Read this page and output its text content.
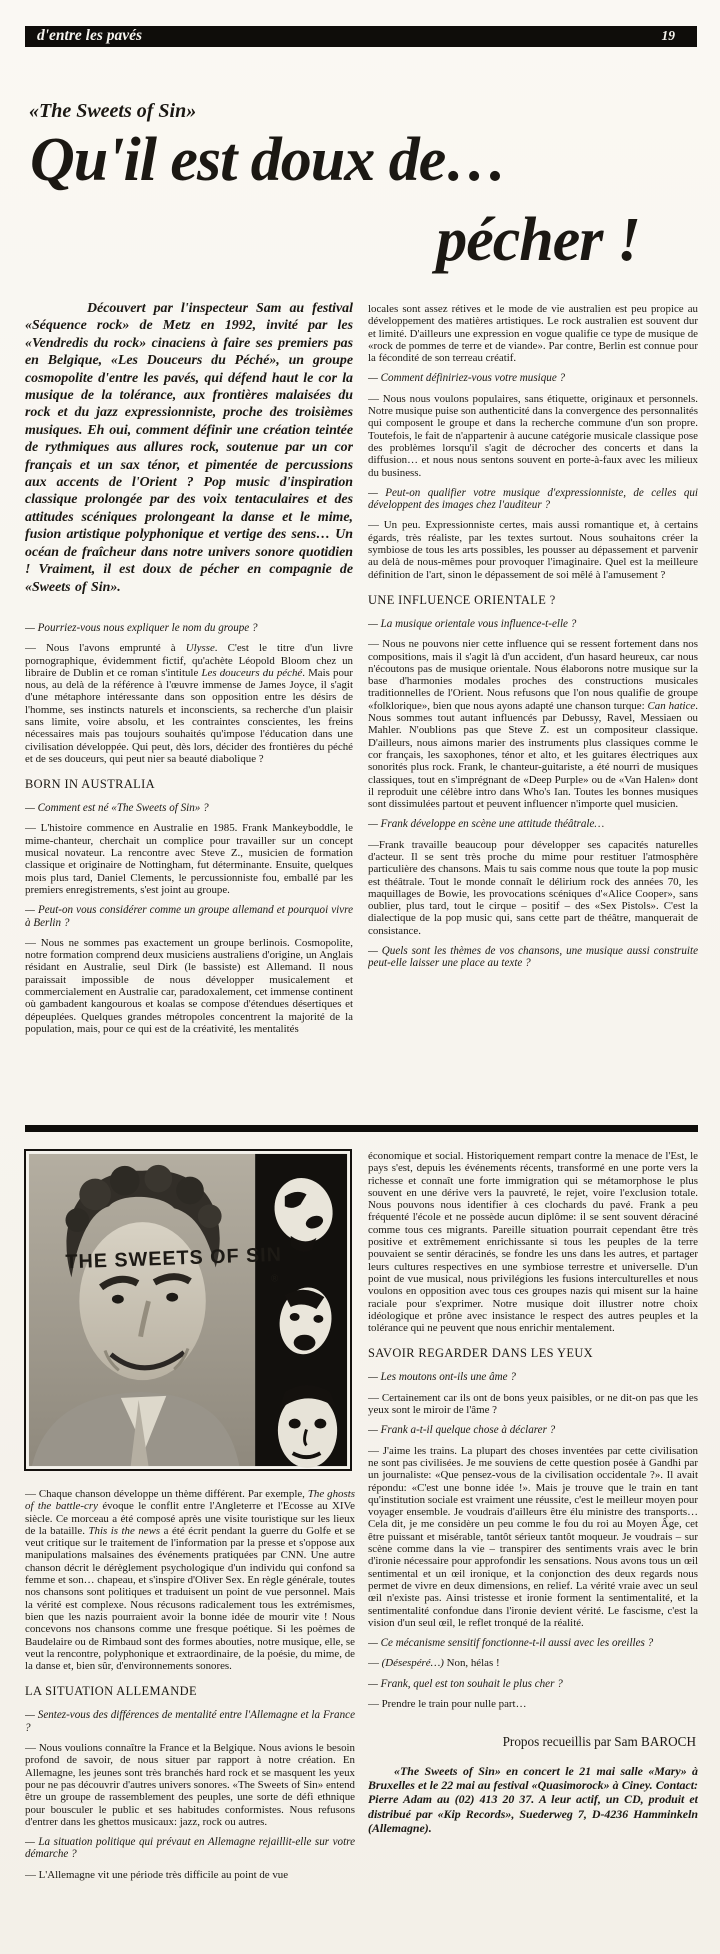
d'entre les pavés	19
«The Sweets of Sin»
Qu'il est doux de…
pécher !

Découvert par l'inspecteur Sam au festival «Séquence rock» de Metz en 1992, invité par les «Vendredis du rock» cinaciens à faire ses premiers pas en Belgique, «Les Douceurs du Péché», un groupe cosmopolite d'entre les pavés, qui défend haut le cor la musique de la tolérance, aux frontières malaisées du rock et du jazz expressionniste, proche des troisièmes musiques. Eh oui, comment définir une création teintée de rythmiques aus allures rock, soutenue par un cor français et un sax ténor, et pimentée de percussions aux accents de l'Orient ? Pop music d'inspiration classique prolongée par des voix tentaculaires et des attitudes scéniques prolongeant la danse et le mime, fusion artistique polyphonique et vertige des sens… Un océan de fraîcheur dans notre univers sonore quotidien ! Vraiment, il est doux de pécher en compagnie de «Sweets of Sin».

— Pourriez-vous nous expliquer le nom du groupe ?

— Nous l'avons emprunté à Ulysse. C'est le titre d'un livre pornographique, évidemment fictif, qu'achète Léopold Bloom chez un libraire de Dublin et ce roman s'intitule Les douceurs du péché. Mais pour nous, au delà de la référence à l'œuvre immense de James Joyce, il s'agit d'une métaphore intéressante dans son opposition entre les désirs de l'homme, ses instincts naturels et inconscients, sa recherche d'un plaisir sans limite, voire absolu, et les contraintes conscientes, les freins nécessaires mais pas toujours souhaités qu'impose l'éducation dans une civilisation développée. Qui peut, dès lors, décider des frontières du péché et de ses douceurs, qui peut nier sa beauté diabolique ?

BORN IN AUSTRALIA

— Comment est né «The Sweets of Sin» ?

— L'histoire commence en Australie en 1985. Frank Mankeyboddle, le mime-chanteur, cherchait un complice pour travailler sur un concept musical novateur. La rencontre avec Steve Z., musicien de formation classique et originaire de Nottingham, fut déterminante. Ensuite, quelques mois plus tard, Daniel Clements, le percussionniste fou, emballé par les premiers enregistrements, s'est joint au groupe.

— Peut-on vous considérer comme un groupe allemand et pourquoi vivre à Berlin ?

— Nous ne sommes pas exactement un groupe berlinois. Cosmopolite, notre formation comprend deux musiciens australiens d'origine, un Anglais résidant en Australie, seul Dirk (le bassiste) est Allemand. Il nous paraissait impossible de nous développer musicalement et commercialement en Australie car, paradoxalement, cet immense continent où gambadent kangourous et koalas se compose d'étendues désertiques et dépeuplées. Quelques grandes métropoles concentrent la majorité de la population, mais, pour ce qui est de la créativité, les mentalités

locales sont assez rétives et le mode de vie australien est peu propice au développement des matières artistiques. Le rock australien est souvent dur et limité. D'ailleurs une expression en vogue qualifie ce type de musique de «rock de pommes de terre et de viande». Par contre, Berlin est connue pour la fécondité de son terreau créatif.

— Comment définiriez-vous votre musique ?

— Nous nous voulons populaires, sans étiquette, originaux et personnels. Notre musique puise son authenticité dans la convergence des personnalités qui composent le groupe et dans la recherche commune d'un son propre. Toutefois, le fait de n'appartenir à aucune catégorie musicale classique pose des problèmes lorsqu'il s'agit de décrocher des concerts et dans la diffusion… et nous nous sentons souvent en porte-à-faux avec les milieux du business.

— Peut-on qualifier votre musique d'expressionniste, de celles qui développent des images chez l'auditeur ?

— Un peu. Expressionniste certes, mais aussi romantique et, à certains égards, très réaliste, par les textes surtout. Nous souhaitons créer la symbiose de tous les arts possibles, les pousser au dépassement et parvenir au delà de nous-mêmes pour provoquer l'imaginaire. Quel est la meilleure définition de l'art, sinon le dépassement de soi mêlé à l'amusement ?

UNE INFLUENCE ORIENTALE ?

— La musique orientale vous influence-t-elle ?

— Nous ne pouvons nier cette influence qui se ressent fortement dans nos compositions, mais il s'agit là d'un accident, d'un hasard heureux, car nous n'écoutons pas de musique orientale. Nous élaborons notre musique sur la base d'harmonies modales proches des constructions musicales traditionnelles de l'Orient. Nous refusons que l'on nous qualifie de groupe «folklorique», bien que nous ayons adapté une chanson turque: Can hatice. Nous sommes tout autant influencés par Debussy, Ravel, Messiaen ou Mahler. N'oublions pas que Steve Z. est un compositeur classique. D'ailleurs, nous aimons marier des instruments plus classiques comme le cor français, les saxophones, ténor et alto, et les guitares électriques aux sonorités plus rock. Frank, le chanteur-guitariste, a été nourri de musiques classiques, tout en s'imprégnant de «Deep Purple» ou de «Van Halen» dont il reproduit une célèbre intro dans Who's Ian. Toutes les bonnes musiques sont dissimulées partout et peuvent influencer n'importe quel musicien.

— Frank développe en scène une attitude théâtrale…

—Frank travaille beaucoup pour développer ses capacités naturelles d'acteur. Il se sent très proche du mime pour restituer l'atmosphère particulière des chansons. Mais tu sais comme nous que toute la pop music est théâtrale. Tout le monde connaît le délirium rock des années 70, les maquillages de Bowie, les provocations scéniques d'«Alice Cooper», sans oublier, plus tard, tout le cirque – positif – des «Sex Pistols». C'est la dialectique de la pop music qui, sans cette part de théâtre, manquerait de consistance.

— Quels sont les thèmes de vos chansons, une musique aussi construite peut-elle laisser une place au texte ?

THE SWEETS OF SIN
®

— Chaque chanson développe un thème différent. Par exemple, The ghosts of the battle-cry évoque le conflit entre l'Angleterre et l'Ecosse au XIVe siècle. Ce morceau a été composé après une visite touristique sur les lieux de la bataille. This is the news a été écrit pendant la guerre du Golfe et se veut critique sur le traitement de l'information par la presse et s'oppose aux manipulations malsaines des événements pratiquées par CNN. Une autre chanson décrit le dérèglement psychologique d'un individu qui confond sa femme et son… chapeau, et s'inspire d'Oliver Sex. En règle générale, toutes nos chansons sont politiques et traduisent un point de vue personnel. Mais la vérité est complexe. Nous récusons radicalement tous les extrémismes, bien que les nazis pourraient avoir la bonne idée de mourir vite ! Nous concevons nos chansons comme une fresque poétique. Si les poèmes de Baudelaire ou de Rimbaud sont des formes abouties, notre musique, elle, se veut la rencontre, polyphonique et extraordinaire, de la poésie, du mime, de la danse et, bien sûr, d'environnements sonores.

LA SITUATION ALLEMANDE

— Sentez-vous des différences de mentalité entre l'Allemagne et la France ?

— Nous voulions connaître la France et la Belgique. Nous avions le besoin profond de savoir, de nous situer par rapport à notre création. En Allemagne, les jeunes sont très branchés hard rock et se masquent les yeux pour ne pas découvrir d'autres univers sonores. «The Sweets of Sin» entend être un groupe de rassemblement des peuples, une sorte de défi ethnique pour bousculer le public et ses habitudes conformistes. Nous refusons d'entrer dans les ghettos musicaux: jazz, rock ou autres.

— La situation politique qui prévaut en Allemagne rejaillit-elle sur votre démarche ?

— L'Allemagne vit une période très difficile au point de vue

économique et social. Historiquement rempart contre la menace de l'Est, le pays s'est, depuis les événements récents, transformé en une porte vers la richesse et connaît une forte immigration qui se métamorphose le plus souvent en une dérive vers la pauvreté, le rejet, voire l'exclusion totale. Nous pouvons nous identifier à ces clochards du pavé. Frank a peu fréquenté l'école et ne possède aucun diplôme: il se sent souvent déraciné comme tous ces migrants. Pareille situation pourrait cependant être très positive et extrêmement enrichissante si tous les peuples de la terre pouvaient se sentir déracinés, se fondre les uns dans les autres, et partager leurs cultures respectives en une symbiose terrestre et universelle. D'un point de vue musical, nous privilégions les fusions interculturelles et nous voulons en opposition avec tous ces groupes nazis qui misent sur la haine raciale pour s'exprimer. Notre musique doit illustrer notre choix idéologique et prône avec insistance le respect des autres peuples et la tolérance qui ne peuvent que nous enrichir mentalement.

SAVOIR REGARDER DANS LES YEUX

— Les moutons ont-ils une âme ?

— Certainement car ils ont de bons yeux paisibles, or ne dit-on pas que les yeux sont le miroir de l'âme ?

— Frank a-t-il quelque chose à déclarer ?

— J'aime les trains. La plupart des choses inventées par cette civilisation ne sont pas civilisées. Je me souviens de cette question posée à Gandhi par un journaliste: «Que pensez-vous de la civilisation occidentale ?». Il avait répondu: «C'est une bonne idée !». Mais je trouve que le train en tant qu'institution sociale est vraiment une réussite, c'est le meilleur moyen pour voyager ensemble. Je voudrais d'ailleurs être élu ministre des transports… Cela dit, je me considère un peu comme le fou du roi au Moyen Âge, cet être puissant et misérable, tantôt sérieux tantôt moqueur. Je voudrais – sur scène comme dans la vie – transpirer des sentiments vrais avec le brin d'ironie nécessaire pour approfondir les sensations. Nous avons tous un œil sentimental et un œil ironique, et la conjonction des deux regards nous permet de vivre en deux dimensions, en relief. La vérité vraie avec un seul œil n'existe pas. Ainsi tristesse et ironie forment la sentimentalité, et la sentimentalité confondue dans l'ironie devient vérité. Le fascisme, c'est la vision d'un seul œil, le reflet tronqué de la réalité.

— Ce mécanisme sensitif fonctionne-t-il aussi avec les oreilles ?

— (Désespéré…) Non, hélas !

— Frank, quel est ton souhait le plus cher ?

— Prendre le train pour nulle part…

Propos recueillis par Sam BAROCH

«The Sweets of Sin» en concert le 21 mai salle «Mary» à Bruxelles et le 22 mai au festival «Quasimorock» à Ciney. Contact: Pierre Adam au (02) 413 20 37. A leur actif, un CD, produit et distribué par «Kip Records», Suederweg 7, D-4236 Hamminkeln (Allemagne).
